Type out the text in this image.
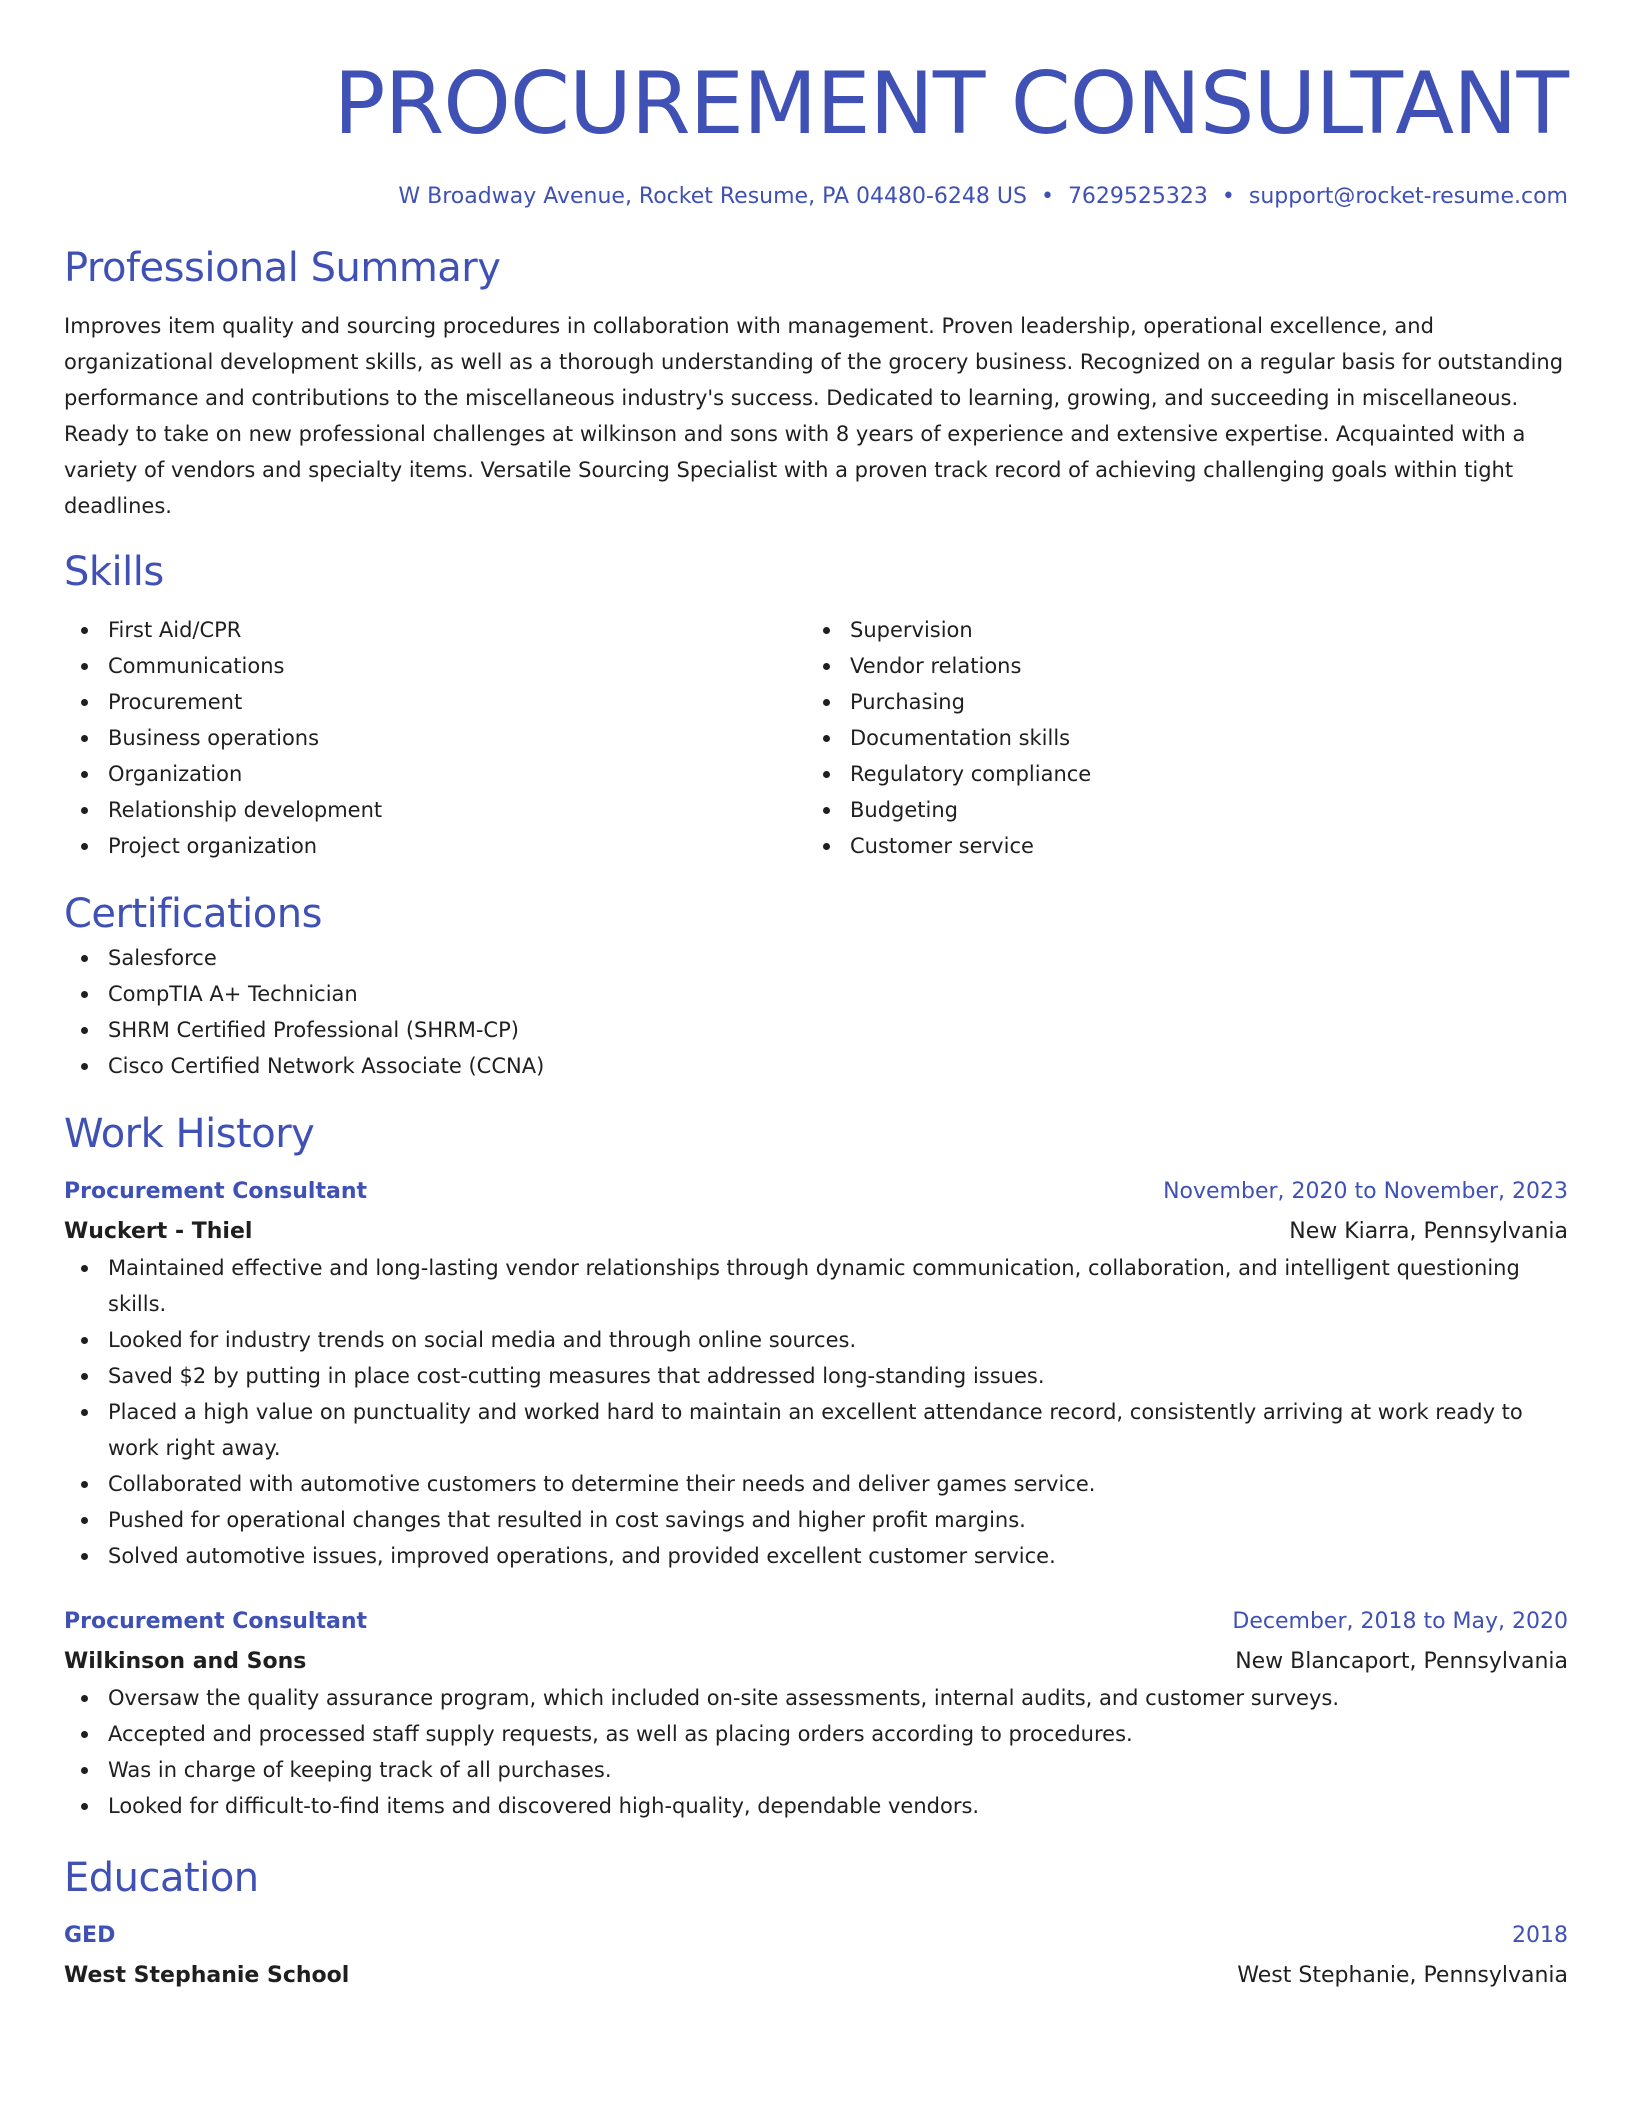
PROCUREMENT CONSULTANT
W Broadway Avenue, Rocket Resume, PA 04480-6248 US • 7629525323 • support@rocket-resume.com
Professional Summary
Improves item quality and sourcing procedures in collaboration with management. Proven leadership, operational excellence, and organizational development skills, as well as a thorough understanding of the grocery business. Recognized on a regular basis for outstanding performance and contributions to the miscellaneous industry's success. Dedicated to learning, growing, and succeeding in miscellaneous. Ready to take on new professional challenges at wilkinson and sons with 8 years of experience and extensive expertise. Acquainted with a variety of vendors and specialty items. Versatile Sourcing Specialist with a proven track record of achieving challenging goals within tight deadlines.
Skills
First Aid/CPR
Communications
Procurement
Business operations
Organization
Relationship development
Project organization
Supervision
Vendor relations
Purchasing
Documentation skills
Regulatory compliance
Budgeting
Customer service
Certifications
Salesforce
CompTIA A+ Technician
SHRM Certified Professional (SHRM-CP)
Cisco Certified Network Associate (CCNA)
Work History
Procurement Consultant	November, 2020 to November, 2023
Wuckert - Thiel	New Kiarra, Pennsylvania
Maintained effective and long-lasting vendor relationships through dynamic communication, collaboration, and intelligent questioning skills.
Looked for industry trends on social media and through online sources.
Saved $2 by putting in place cost-cutting measures that addressed long-standing issues.
Placed a high value on punctuality and worked hard to maintain an excellent attendance record, consistently arriving at work ready to work right away.
Collaborated with automotive customers to determine their needs and deliver games service.
Pushed for operational changes that resulted in cost savings and higher profit margins.
Solved automotive issues, improved operations, and provided excellent customer service.
Procurement Consultant	December, 2018 to May, 2020
Wilkinson and Sons	New Blancaport, Pennsylvania
Oversaw the quality assurance program, which included on-site assessments, internal audits, and customer surveys.
Accepted and processed staff supply requests, as well as placing orders according to procedures.
Was in charge of keeping track of all purchases.
Looked for difficult-to-find items and discovered high-quality, dependable vendors.
Education
GED	2018
West Stephanie School	West Stephanie, Pennsylvania
